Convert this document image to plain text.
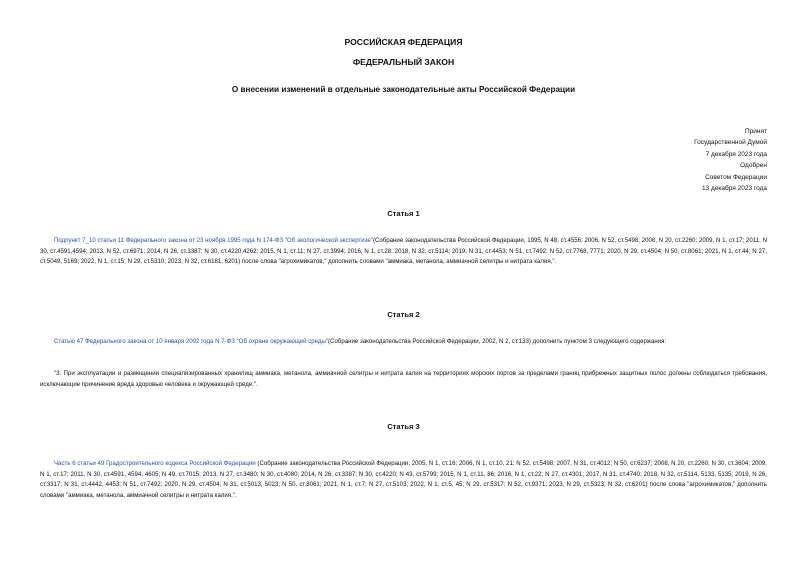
РОССИЙСКАЯ ФЕДЕРАЦИЯ
ФЕДЕРАЛЬНЫЙ ЗАКОН
О внесении изменений в отдельные законодательные акты Российской Федерации
Принят
Государственной Думой
7 декабря 2023 года
Одобрен
Советом Федерации
13 декабря 2023 года
Статья 1
Подпункт 7_10 статьи 11 Федерального закона от 23 ноября 1995 года N 174-ФЗ "Об экологической экспертизе"(Собрание законодательства Российской Федерации, 1995, N 48, ст.4556; 2006, N 52, ст.5498; 2008, N 20, ст.2260; 2009, N 1, ст.17; 2011, N 30, ст.4591,4594; 2013, N 52, ст.6971; 2014, N 26, ст.3387; N 30, ст.4220,4262; 2015, N 1, ст.11; N 27, ст.3994; 2016, N 1, ст.28; 2018, N 32, ст.5114; 2019, N 31, ст.4453; N 51, ст.7492; N 52, ст.7768, 7771; 2020, N 29, ст.4504; N 50, ст.8061; 2021, N 1, ст.44; N 27, ст.5049, 5169; 2022, N 1, ст.15; N 29, ст.5310; 2023, N 32, ст.6181, 6201) после слова "агрохимикатов," дополнить словами "аммиака, метанола, аммиачной селитры и нитрата калия,".
Статья 2
Статью 47 Федерального закона от 10 января 2002 года N 7-ФЗ "Об охране окружающей среды"(Собрание законодательства Российской Федерации, 2002, N 2, ст.133) дополнить пунктом 3 следующего содержания:
"3. При эксплуатации и размещении специализированных хранилищ аммиака, метанола, аммиачной селитры и нитрата калия на территориях морских портов за пределами границ прибрежных защитных полос должны соблюдаться требования, исключающие причинение вреда здоровью человека и окружающей среде.".
Статья 3
Часть 6 статьи 49 Градостроительного кодекса Российской Федерации (Собрание законодательства Российской Федерации, 2005, N 1, ст.16; 2006, N 1, ст.10, 21; N 52, ст.5498; 2007, N 31, ст.4012; N 50, ст.6237; 2008, N 20, ст.2260; N 30, ст.3604; 2009, N 1, ст.17; 2011, N 30, ст.4591, 4594, 4605; N 49, ст.7015; 2013, N 27, ст.3480; N 30, ст.4080; 2014, N 26, ст.3387; N 30, ст.4220; N 43, ст.5799; 2015, N 1, ст.11, 86; 2016, N 1, ст.22; N 27, ст.4301; 2017, N 31, ст.4740; 2018, N 32, ст.5114, 5133, 5135; 2019, N 26, ст.3317; N 31, ст.4442, 4453; N 51, ст.7492; 2020, N 29, ст.4504; N 31, ст.5013, 5023; N 50, ст.8061; 2021, N 1, ст.7; N 27, ст.5103; 2022, N 1, ст.5, 45; N 29, ст.5317; N 52, ст.9371; 2023, N 29, ст.5323; N 32, ст.6201) после слова "агрохимикатов," дополнить словами "аммиака, метанола, аммиачной селитры и нитрата калия,".
